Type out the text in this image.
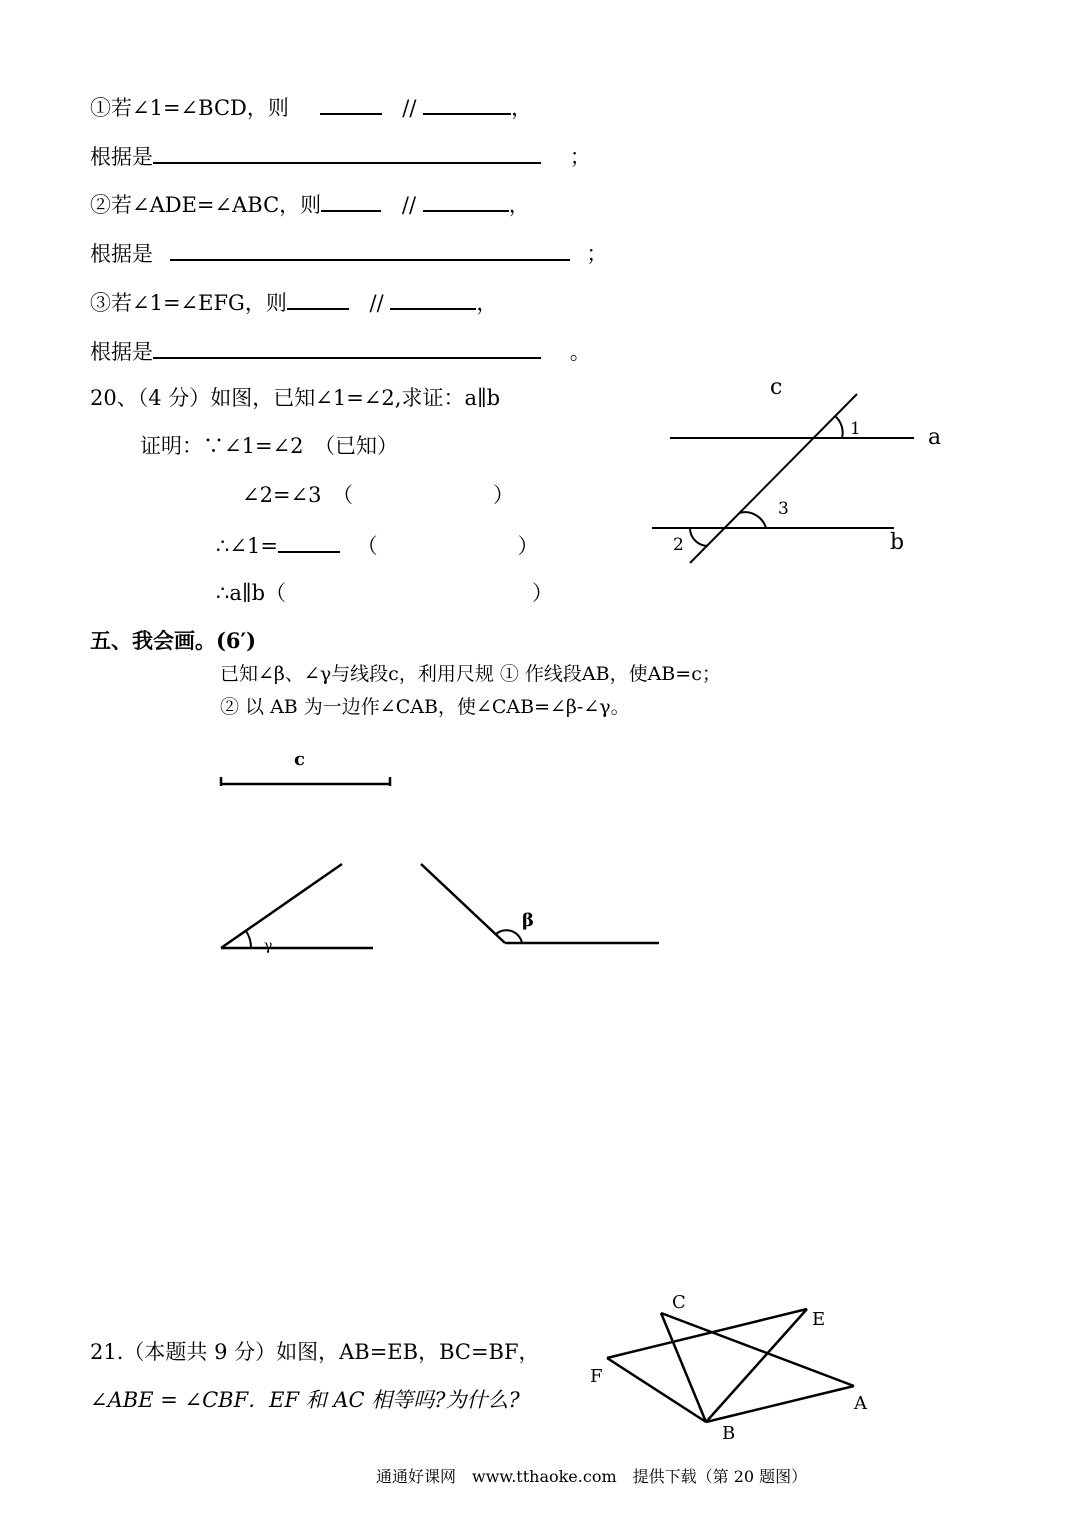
①若∠1=∠BCD，则	//	，
根据是	；
②若∠ADE=∠ABC，则	//	，
根据是	；
③若∠1=∠EFG，则	//	，
根据是	。
20、（4 分）如图，已知∠1=∠2,求证：a∥b
证明：∵∠1=∠2　（已知）
∠2=∠3　（	）
∴∠1=	（	）
∴a∥b（	）
c
a
b
1
3
2
五、我会画。(6′)
已知∠β、∠γ与线段c，利用尺规 ① 作线段AB，使AB=c；
② 以 AB 为一边作∠CAB，使∠CAB=∠β-∠γ。
c
γ
β
21.（本题共 9 分）如图，AB=EB，BC=BF，
∠ABE = ∠CBF．EF 和 AC 相等吗?为什么?
C
E
F
A
B
通通好课网　www.tthaoke.com　提供下载（第 20 题图）
